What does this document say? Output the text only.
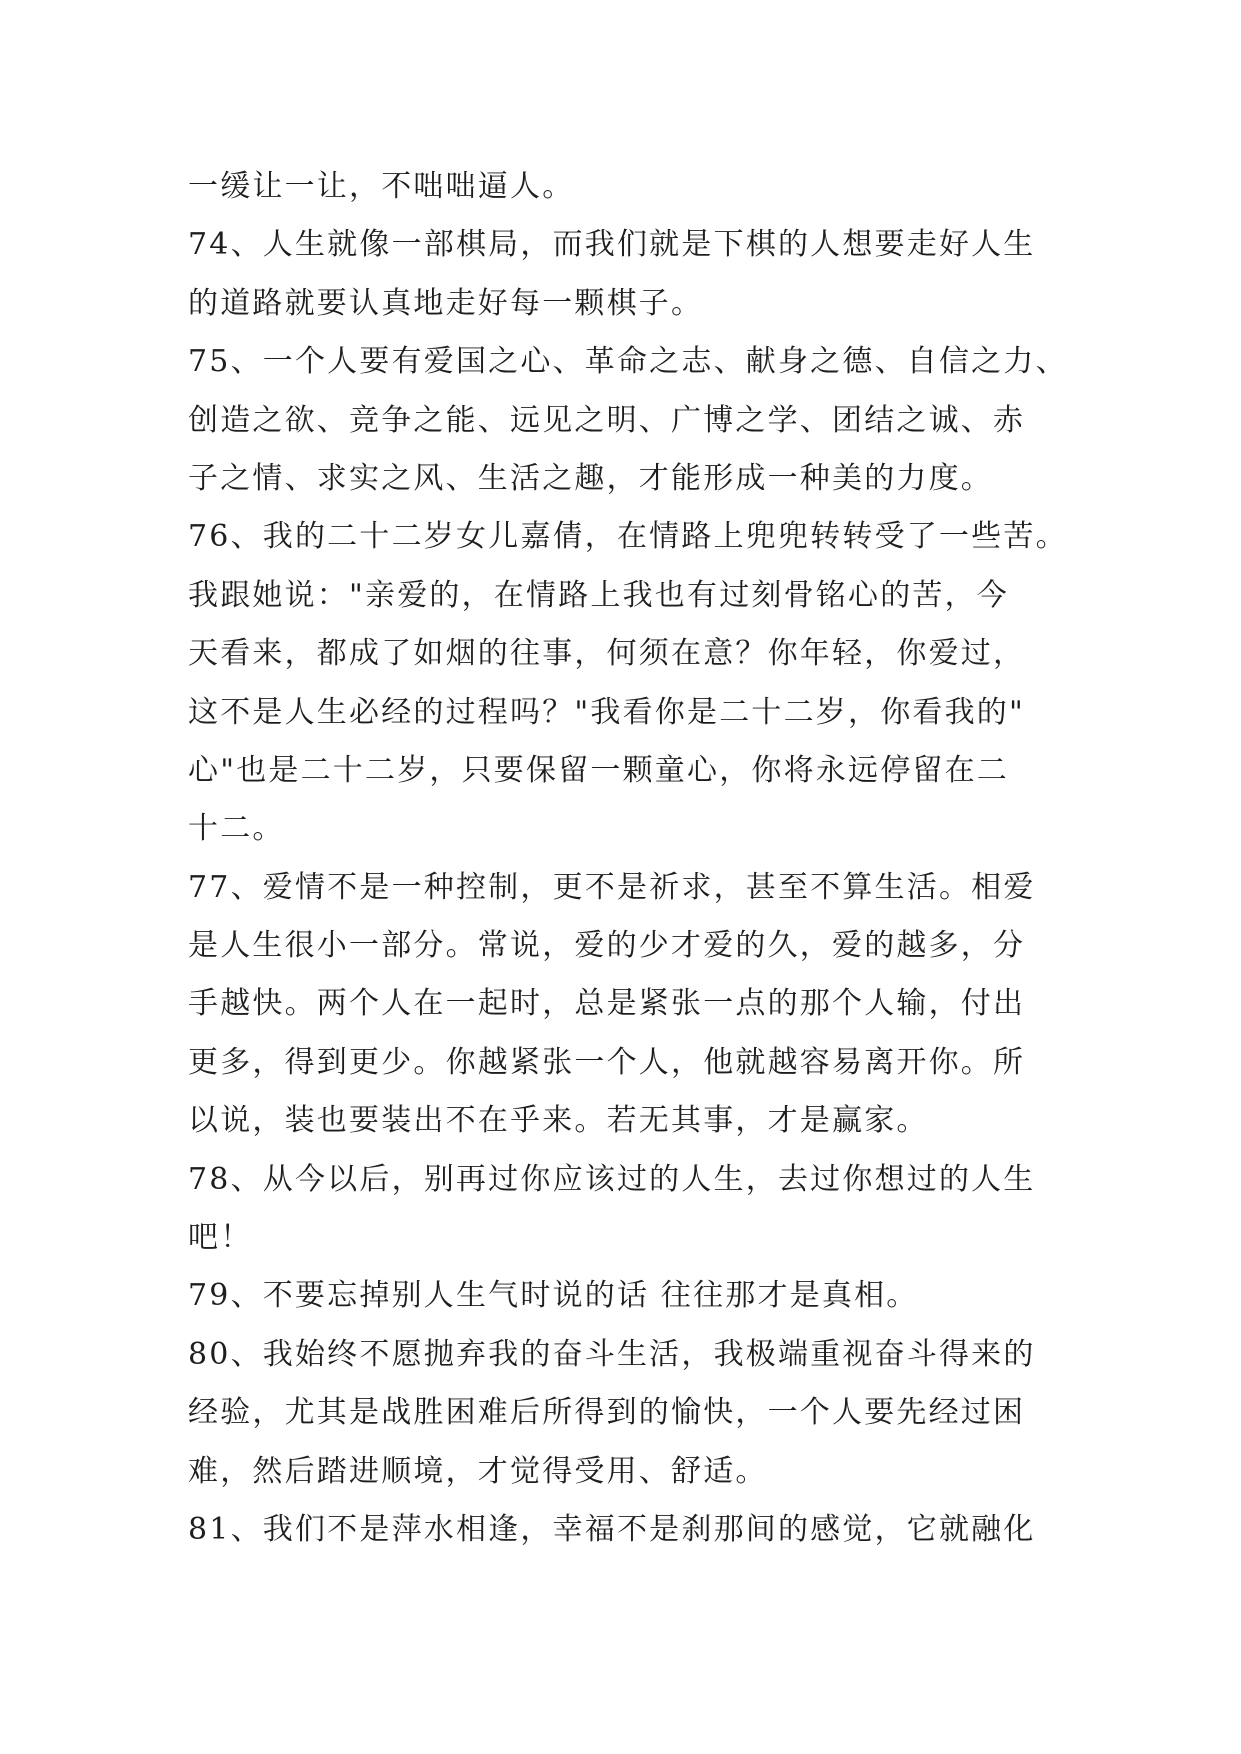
一缓让一让，不咄咄逼人。
74、人生就像一部棋局，而我们就是下棋的人想要走好人生
的道路就要认真地走好每一颗棋子。
75、一个人要有爱国之心、革命之志、献身之德、自信之力、
创造之欲、竞争之能、远见之明、广博之学、团结之诚、赤
子之情、求实之风、生活之趣，才能形成一种美的力度。
76、我的二十二岁女儿嘉倩，在情路上兜兜转转受了一些苦。
我跟她说："亲爱的，在情路上我也有过刻骨铭心的苦，今
天看来，都成了如烟的往事，何须在意？你年轻，你爱过，
这不是人生必经的过程吗？"我看你是二十二岁，你看我的"
心"也是二十二岁，只要保留一颗童心，你将永远停留在二
十二。
77、爱情不是一种控制，更不是祈求，甚至不算生活。相爱
是人生很小一部分。常说，爱的少才爱的久，爱的越多，分
手越快。两个人在一起时，总是紧张一点的那个人输，付出
更多，得到更少。你越紧张一个人，他就越容易离开你。所
以说，装也要装出不在乎来。若无其事，才是赢家。
78、从今以后，别再过你应该过的人生，去过你想过的人生
吧！
79、不要忘掉别人生气时说的话 往往那才是真相。
80、我始终不愿抛弃我的奋斗生活，我极端重视奋斗得来的
经验，尤其是战胜困难后所得到的愉快，一个人要先经过困
难，然后踏进顺境，才觉得受用、舒适。
81、我们不是萍水相逢，幸福不是刹那间的感觉，它就融化
